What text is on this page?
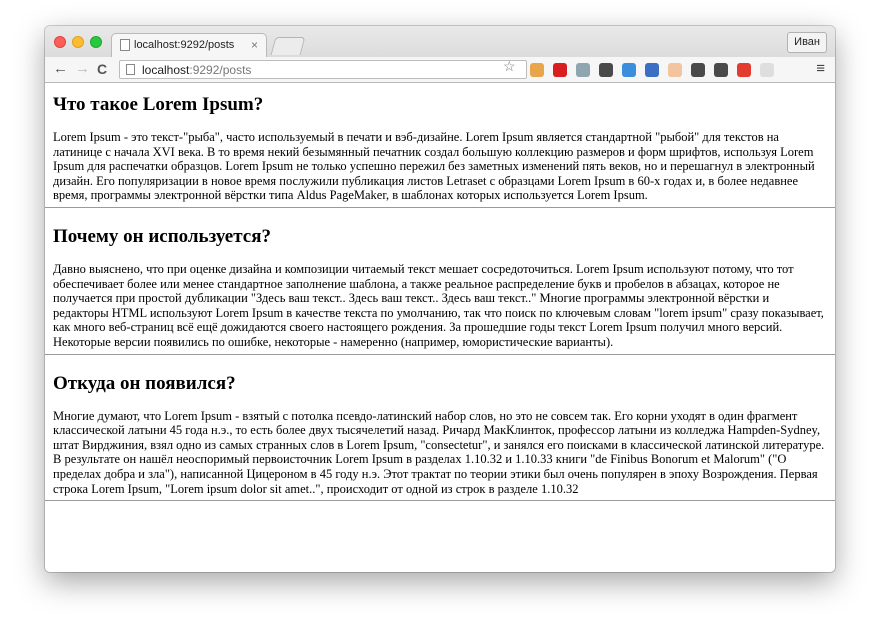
localhost:9292/posts ×	Иван
← → C	localhost:9292/posts	☆	≡
Что такое Lorem Ipsum?

Lorem Ipsum - это текст-"рыба", часто используемый в печати и вэб-дизайне. Lorem Ipsum является стандартной "рыбой" для текстов на латинице с начала XVI века. В то время некий безымянный печатник создал большую коллекцию размеров и форм шрифтов, используя Lorem Ipsum для распечатки образцов. Lorem Ipsum не только успешно пережил без заметных изменений пять веков, но и перешагнул в электронный дизайн. Его популяризации в новое время послужили публикация листов Letraset с образцами Lorem Ipsum в 60-х годах и, в более недавнее время, программы электронной вёрстки типа Aldus PageMaker, в шаблонах которых используется Lorem Ipsum.

Почему он используется?

Давно выяснено, что при оценке дизайна и композиции читаемый текст мешает сосредоточиться. Lorem Ipsum используют потому, что тот обеспечивает более или менее стандартное заполнение шаблона, а также реальное распределение букв и пробелов в абзацах, которое не получается при простой дубликации "Здесь ваш текст.. Здесь ваш текст.. Здесь ваш текст.." Многие программы электронной вёрстки и редакторы HTML используют Lorem Ipsum в качестве текста по умолчанию, так что поиск по ключевым словам "lorem ipsum" сразу показывает, как много веб-страниц всё ещё дожидаются своего настоящего рождения. За прошедшие годы текст Lorem Ipsum получил много версий. Некоторые версии появились по ошибке, некоторые - намеренно (например, юмористические варианты).

Откуда он появился?

Многие думают, что Lorem Ipsum - взятый с потолка псевдо-латинский набор слов, но это не совсем так. Его корни уходят в один фрагмент классической латыни 45 года н.э., то есть более двух тысячелетий назад. Ричард МакКлинток, профессор латыни из колледжа Hampden-Sydney, штат Вирджиния, взял одно из самых странных слов в Lorem Ipsum, "consectetur", и занялся его поисками в классической латинской литературе. В результате он нашёл неоспоримый первоисточник Lorem Ipsum в разделах 1.10.32 и 1.10.33 книги "de Finibus Bonorum et Malorum" ("О пределах добра и зла"), написанной Цицероном в 45 году н.э. Этот трактат по теории этики был очень популярен в эпоху Возрождения. Первая строка Lorem Ipsum, "Lorem ipsum dolor sit amet..", происходит от одной из строк в разделе 1.10.32
